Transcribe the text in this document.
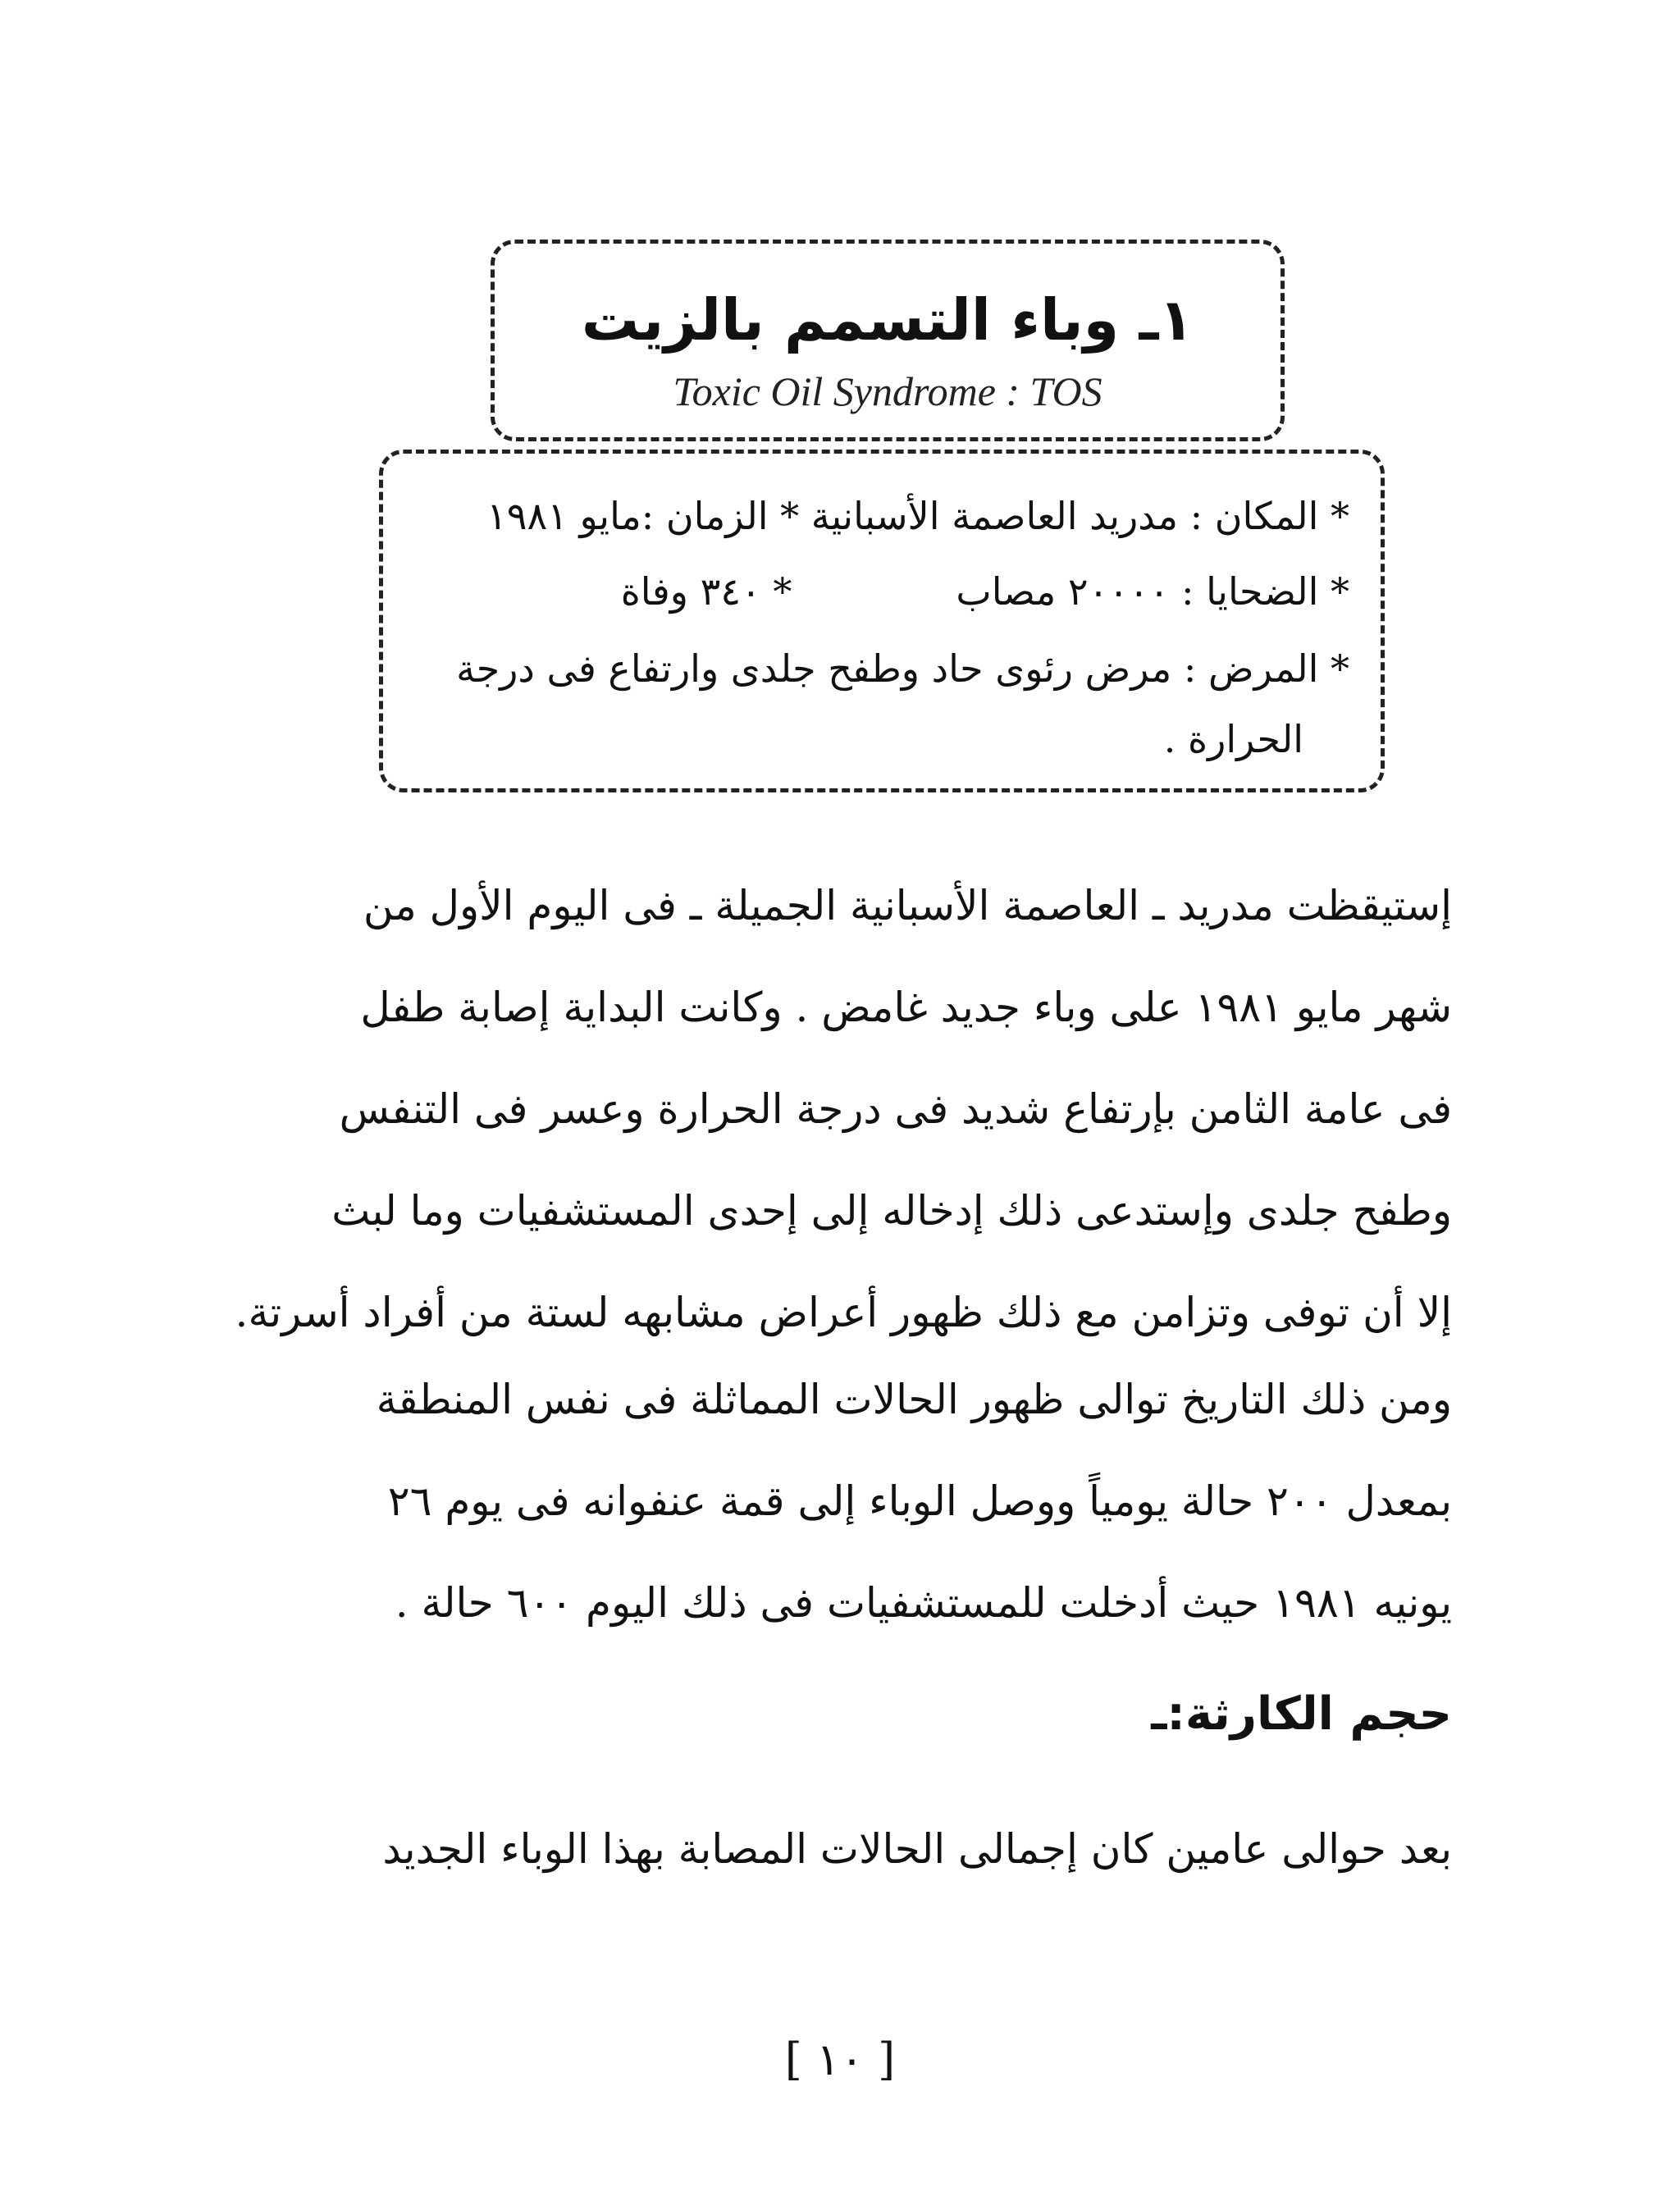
١ـ وباء التسمم بالزيت
Toxic Oil Syndrome : TOS
* المكان : مدريد العاصمة الأسبانية * الزمان :مايو ١٩٨١
* الضحايا : ٢٠٠٠٠ مصاب* ٣٤٠ وفاة
* المرض : مرض رئوى حاد وطفح جلدى وارتفاع فى درجة
الحرارة .
إستيقظت مدريد ـ العاصمة الأسبانية الجميلة ـ فى اليوم الأول من
شهر مايو ١٩٨١ على وباء جديد غامض . وكانت البداية إصابة طفل
فى عامة الثامن بإرتفاع شديد فى درجة الحرارة وعسر فى التنفس
وطفح جلدى وإستدعى ذلك إدخاله إلى إحدى المستشفيات وما لبث
إلا أن توفى وتزامن مع ذلك ظهور أعراض مشابهه لستة من أفراد أسرتة.
ومن ذلك التاريخ توالى ظهور الحالات المماثلة فى نفس المنطقة
بمعدل ٢٠٠ حالة يومياً ووصل الوباء إلى قمة عنفوانه فى يوم ٢٦
يونيه ١٩٨١ حيث أدخلت للمستشفيات فى ذلك اليوم ٦٠٠ حالة .
حجم الكارثة:ـ
بعد حوالى عامين كان إجمالى الحالات المصابة بهذا الوباء الجديد
[ ١٠ ]
